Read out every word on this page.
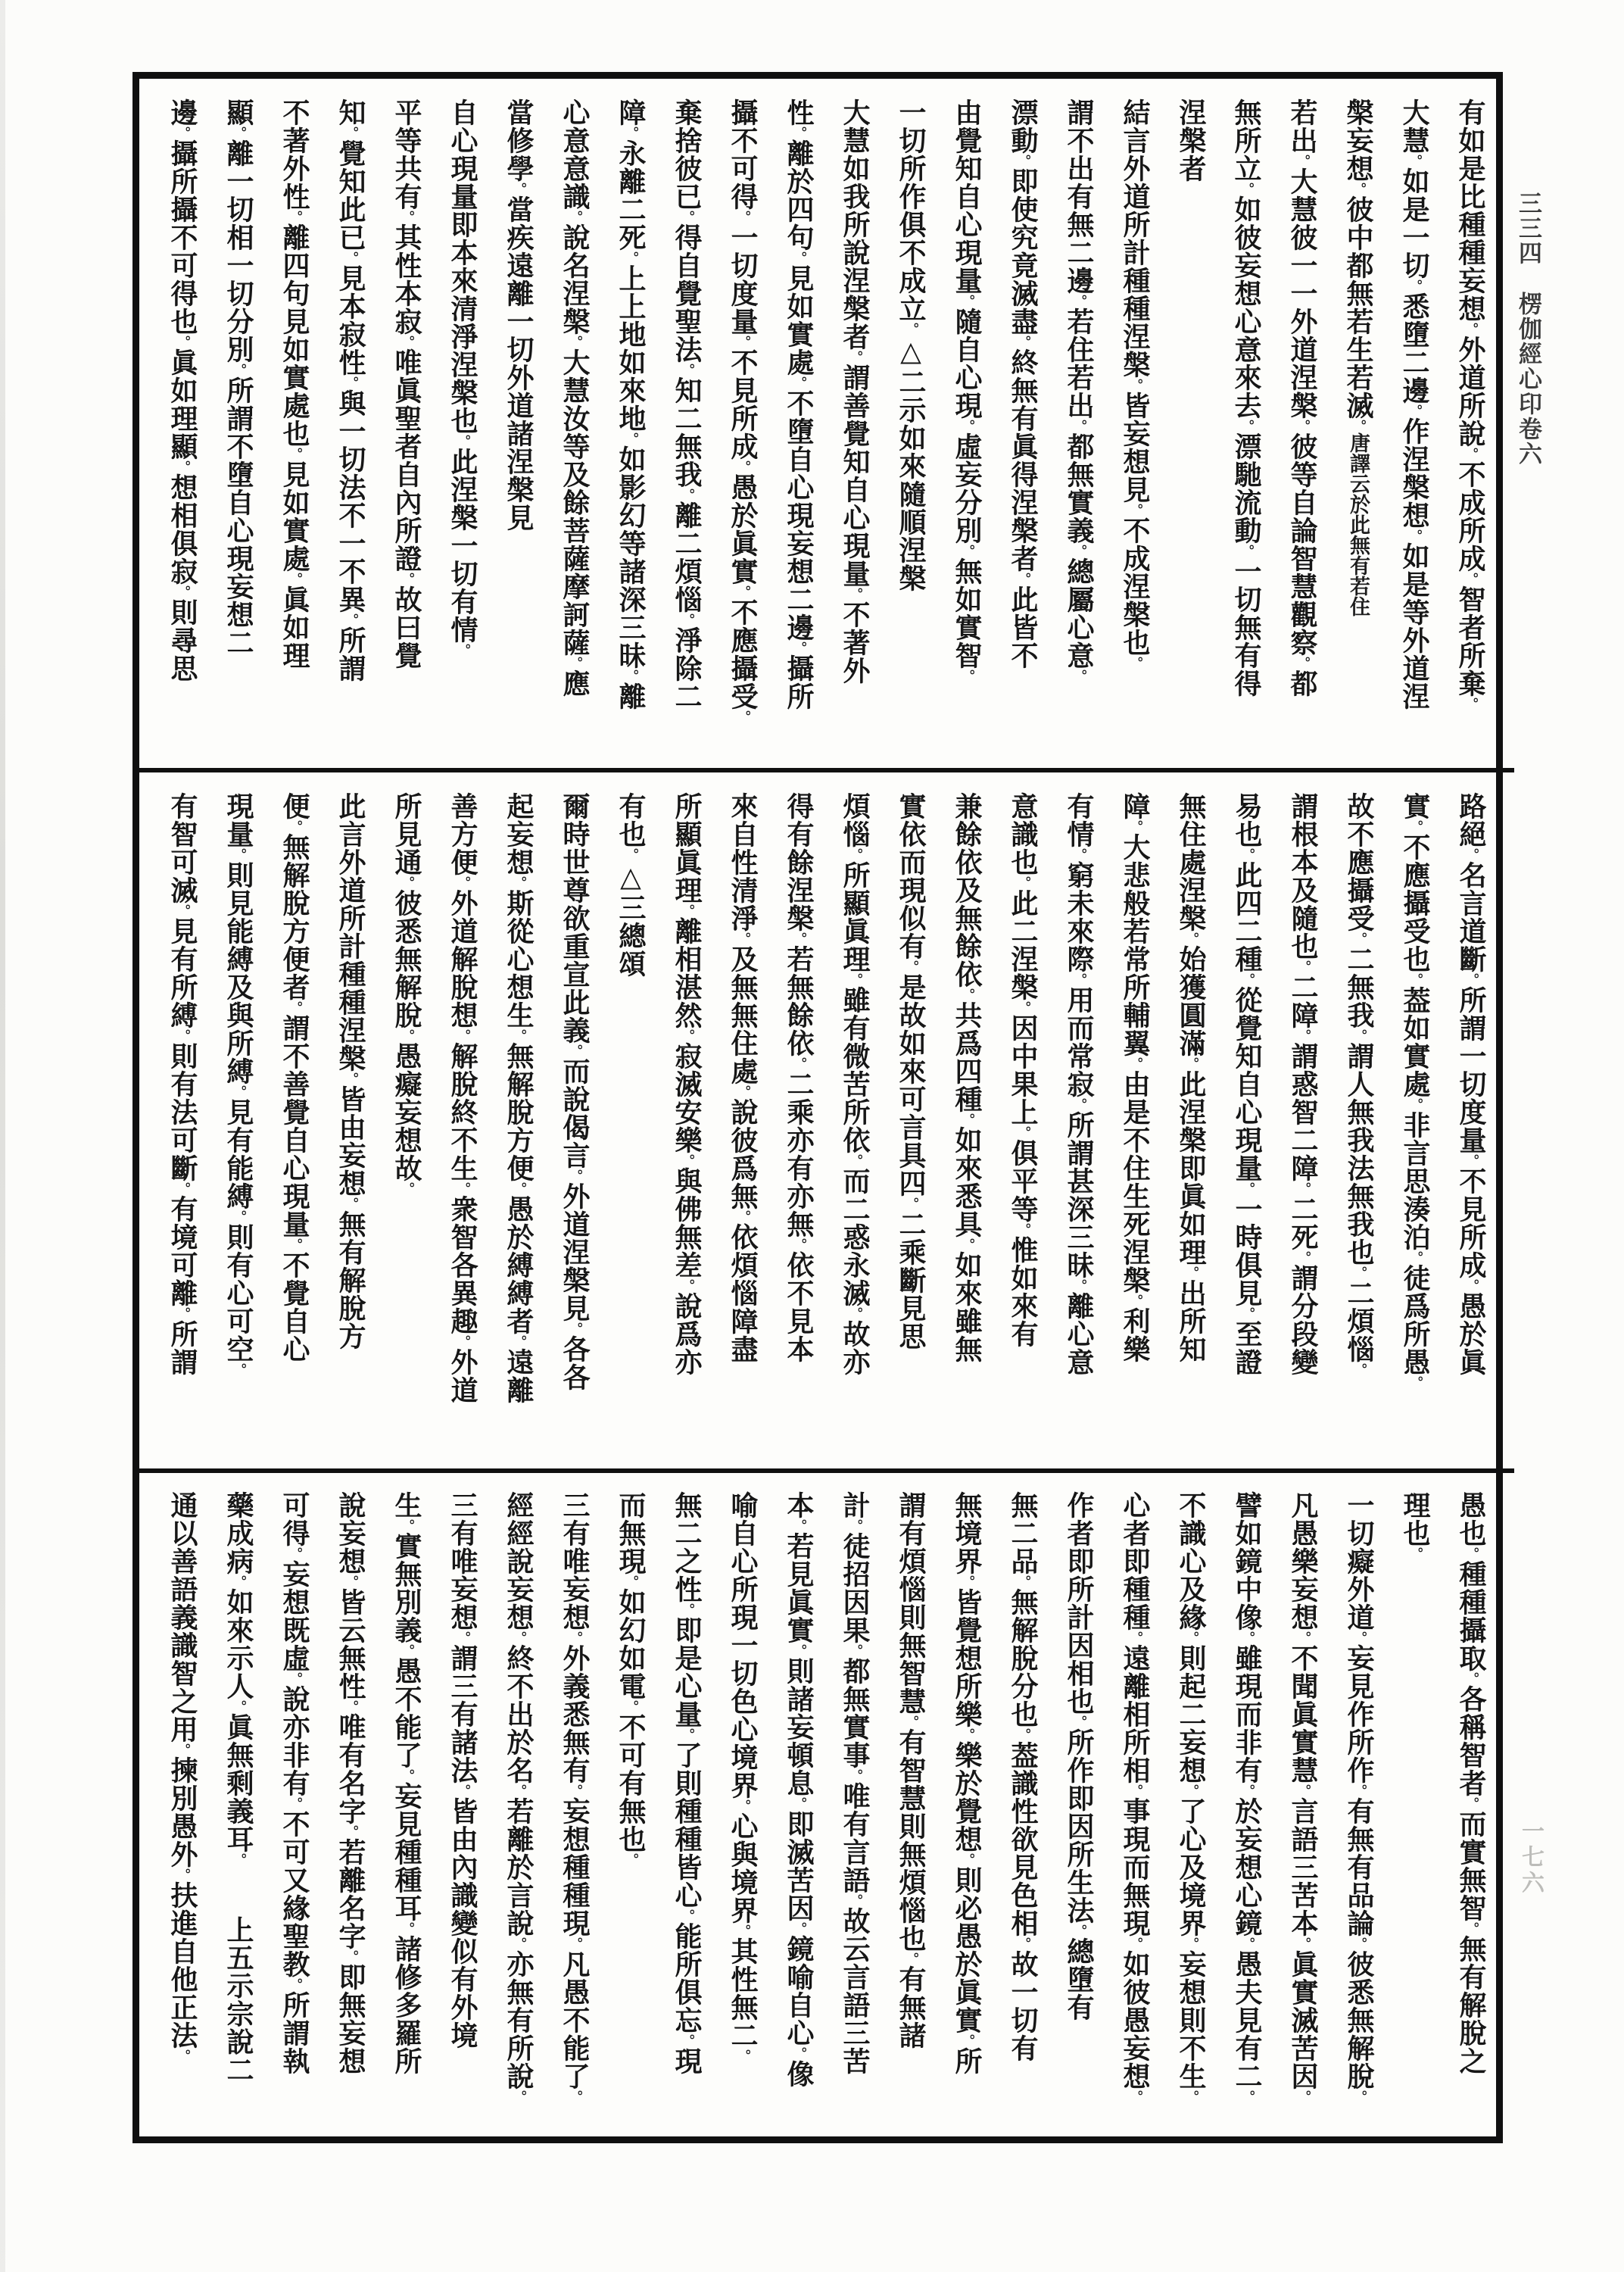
有如是比種種妄想。外道所說。不成所成。智者所棄。
大慧。如是一切。悉墮二邊。作涅槃想。如是等外道涅
槃妄想。彼中都無若生若滅。唐譯云於此無有若住
若出。大慧彼一一外道涅槃。彼等自論智慧觀察。都
無所立。如彼妄想心意來去。漂馳流動。一切無有得
涅槃者
結言外道所計種種涅槃。皆妄想見。不成涅槃也。
謂不出有無二邊。若住若出。都無實義。總屬心意。
漂動。即使究竟滅盡。終無有眞得涅槃者。此皆不
由覺知自心現量。隨自心現。虛妄分別。無如實智。
一切所作俱不成立。△二示如來隨順涅槃
大慧如我所說涅槃者。謂善覺知自心現量。不著外
性。離於四句。見如實處。不墮自心現妄想二邊。攝所
攝不可得。一切度量。不見所成。愚於眞實。不應攝受。
棄捨彼已。得自覺聖法。知二無我。離二煩惱。淨除二
障。永離二死。上上地如來地。如影幻等諸深三昧。離
心意意識。說名涅槃。大慧汝等及餘菩薩摩訶薩。應
當修學。當疾遠離一切外道諸涅槃見
自心現量即本來清淨涅槃也。此涅槃一切有情。
平等共有。其性本寂。唯眞聖者自內所證。故曰覺
知。覺知此已。見本寂性。與一切法不一不異。所謂
不著外性。離四句見如實處也。見如實處。眞如理
顯。離一切相一切分別。所謂不墮自心現妄想二
邊。攝所攝不可得也。眞如理顯。想相俱寂。則尋思
路絕。名言道斷。所謂一切度量。不見所成。愚於眞
實。不應攝受也。葢如實處。非言思湊泊。徒爲所愚。
故不應攝受。二無我。謂人無我法無我也。二煩惱。
謂根本及隨也。二障。謂惑智二障。二死。謂分段變
易也。此四二種。從覺知自心現量。一時俱見。至證
無住處涅槃。始獲圓滿。此涅槃即眞如理。出所知
障。大悲般若常所輔翼。由是不住生死涅槃。利樂
有情。窮未來際。用而常寂。所謂甚深三昧。離心意
意識也。此二涅槃。因中果上。俱平等。惟如來有
兼餘依及無餘依。共爲四種。如來悉具。如來雖無
實依而現似有。是故如來可言具四。二乘斷見思
煩惱。所顯眞理。雖有微苦所依。而二惑永滅。故亦
得有餘涅槃。若無餘依。二乘亦有亦無。依不見本
來自性清淨。及無無住處。說彼爲無。依煩惱障盡
所顯眞理。離相湛然。寂滅安樂。與佛無差。說爲亦
有也。△三總頌
爾時世尊欲重宣此義。而說偈言。外道涅槃見。各各
起妄想。斯從心想生。無解脫方便。愚於縛縛者。遠離
善方便。外道解脫想。解脫終不生。衆智各異趣。外道
所見通。彼悉無解脫。愚癡妄想故。
此言外道所計種種涅槃。皆由妄想。無有解脫方
便。無解脫方便者。謂不善覺自心現量。不覺自心
現量。則見能縛及與所縛。見有能縛。則有心可空。
有智可滅。見有所縛。則有法可斷。有境可離。所謂
愚也。種種攝取。各稱智者。而實無智。無有解脫之
理也。
一切癡外道。妄見作所作。有無有品論。彼悉無解脫。
凡愚樂妄想。不聞眞實慧。言語三苦本。眞實滅苦因。
譬如鏡中像。雖現而非有。於妄想心鏡。愚夫見有二。
不識心及緣。則起二妄想。了心及境界。妄想則不生。
心者即種種。遠離相所相。事現而無現。如彼愚妄想。
作者即所計因相也。所作即因所生法。總墮有
無二品。無解脫分也。葢識性欲見色相。故一切有
無境界。皆覺想所樂。樂於覺想。則必愚於眞實。所
謂有煩惱則無智慧。有智慧則無煩惱也。有無諸
計。徒招因果。都無實事。唯有言語。故云言語三苦
本。若見眞實。則諸妄頓息。即滅苦因。鏡喻自心。像
喻自心所現一切色心境界。心與境界。其性無二。
無二之性。即是心量。了則種種皆心。能所俱忘。現
而無現。如幻如電。不可有無也。
三有唯妄想。外義悉無有。妄想種種現。凡愚不能了。
經經說妄想。終不出於名。若離於言說。亦無有所說。
三有唯妄想。謂三有諸法。皆由內識變似有外境
生。實無別義。愚不能了。妄見種種耳。諸修多羅所
說妄想。皆云無性。唯有名字。若離名字。即無妄想
可得。妄想既虛。說亦非有。不可又緣聖教。所謂執
藥成病。如來示人。眞無剩義耳。　　上五示宗說二
通以善語義識智之用。揀別愚外。扶進自他正法。
三三四楞伽經心印卷六
一七六
